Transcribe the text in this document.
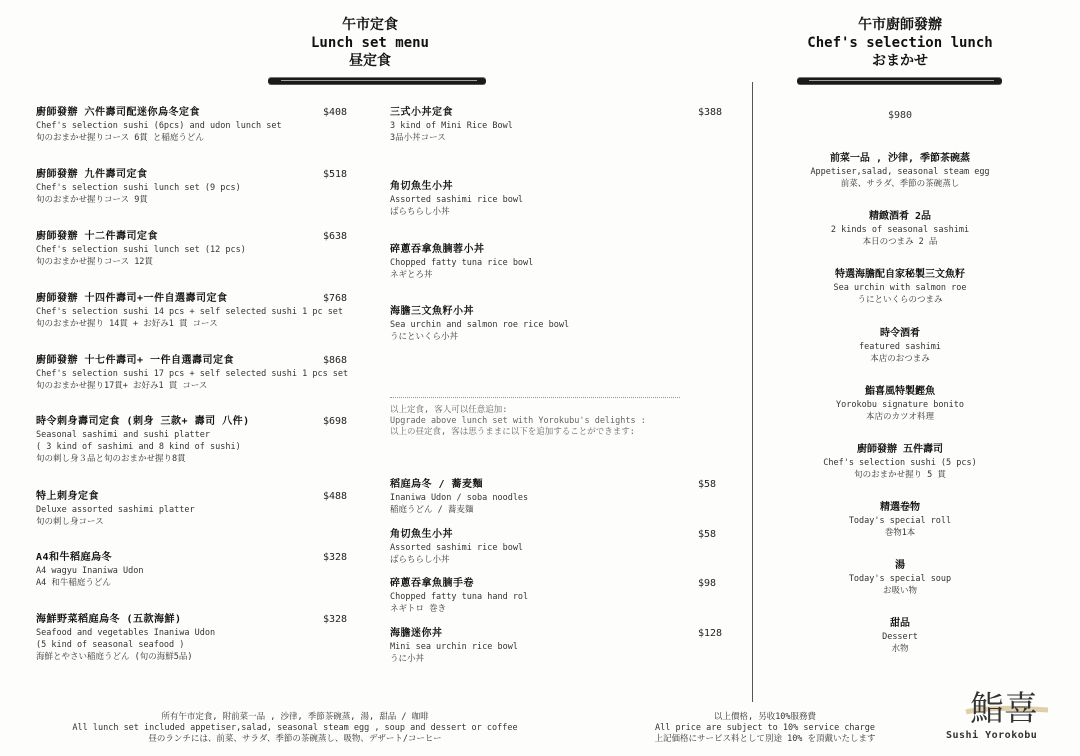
午市定食
Lunch set menu
昼定食
午市廚師發辦
Chef's selection lunch
おまかせ
廚師發辦 六件壽司配迷你烏冬定食
Chef's selection sushi (6pcs) and udon lunch set
旬のおまかせ握りコース 6貫 と稲庭うどん
$408
廚師發辦 九件壽司定食
Chef's selection sushi lunch set (9 pcs)
旬のおまかせ握りコース 9貫
$518
廚師發辦 十二件壽司定食
Chef's selection sushi lunch set (12 pcs)
旬のおまかせ握りコース 12貫
$638
廚師發辦 十四件壽司+一件自選壽司定食
Chef's selection sushi 14 pcs + self selected sushi 1 pc set
旬のおまかせ握り 14貫 + お好み1 貫 コース
$768
廚師發辦 十七件壽司+ 一件自選壽司定食
Chef's selection sushi 17 pcs + self selected sushi 1 pcs set
旬のおまかせ握り17貫+ お好み1 貫 コース
$868
時令刺身壽司定食 (刺身 三款+ 壽司 八件)
Seasonal sashimi and sushi platter
( 3 kind of sashimi and 8 kind of sushi)
旬の刺し身３品と旬のおまかせ握り8貫
$698
特上刺身定食
Deluxe assorted sashimi platter
旬の刺し身コース
$488
A4和牛稻庭烏冬
A4 wagyu Inaniwa Udon
A4 和牛稲庭うどん
$328
海鮮野菜稻庭烏冬 (五款海鮮)
Seafood and vegetables Inaniwa Udon
(5 kind of seasonal seafood )
海鮮とやさい稲庭うどん (旬の海鮮5品)
$328
三式小丼定食
3 kind of Mini Rice Bowl
3品小丼コース
$388
角切魚生小丼
Assorted sashimi rice bowl
ばらちらし小丼
碎蔥吞拿魚腩蓉小丼
Chopped fatty tuna rice bowl
ネギとろ丼
海膽三文魚籽小丼
Sea urchin and salmon roe rice bowl
うにといくら小丼
以上定食, 客人可以任意追加:
Upgrade above lunch set with Yorokubu's delights :
以上の昼定食, 客は思うままに以下を追加することができます:
稻庭烏冬 / 蕎麦麵
Inaniwa Udon / soba noodles
稲庭うどん / 蕎麦麺
$58
角切魚生小丼
Assorted sashimi rice bowl
ばらちらし小丼
$58
碎蔥吞拿魚腩手卷
Chopped fatty tuna hand rol
ネギトロ 巻き
$98
海膽迷你丼
Mini sea urchin rice bowl
うに小丼
$128
$980
前菜一品 , 沙律, 季節茶碗蒸
Appetiser,salad, seasonal steam egg
前菜、サラダ、季節の茶碗蒸し
精緻酒肴 2品
2 kinds of seasonal sashimi
本日のつまみ 2 品
特選海膽配自家秘製三文魚籽
Sea urchin with salmon roe
うにといくらのつまみ
時令酒肴
featured sashimi
本店のおつまみ
鮨喜風特製鰹魚
Yorokobu signature bonito
本店のカツオ料理
廚師發辦 五件壽司
Chef's selection sushi (5 pcs)
旬のおまかせ握り 5 貫
精選卷物
Today's special roll
巻物1本
湯
Today's special soup
お吸い物
甜品
Dessert
水物
所有午市定食, 附前菜一品 , 沙律, 季節茶碗蒸, 湯, 甜品 / 咖啡
All lunch set included appetiser,salad, seasonal steam egg , soup and dessert or coffee
昼のランチには、前菜、サラダ、季節の茶碗蒸し、吸物、デザート/コーヒー
以上價格, 另收10%服務費
All price are subject to 10% service charge
上記価格にサービス料として別途 10% を頂戴いたします
鮨喜
Sushi Yorokobu
